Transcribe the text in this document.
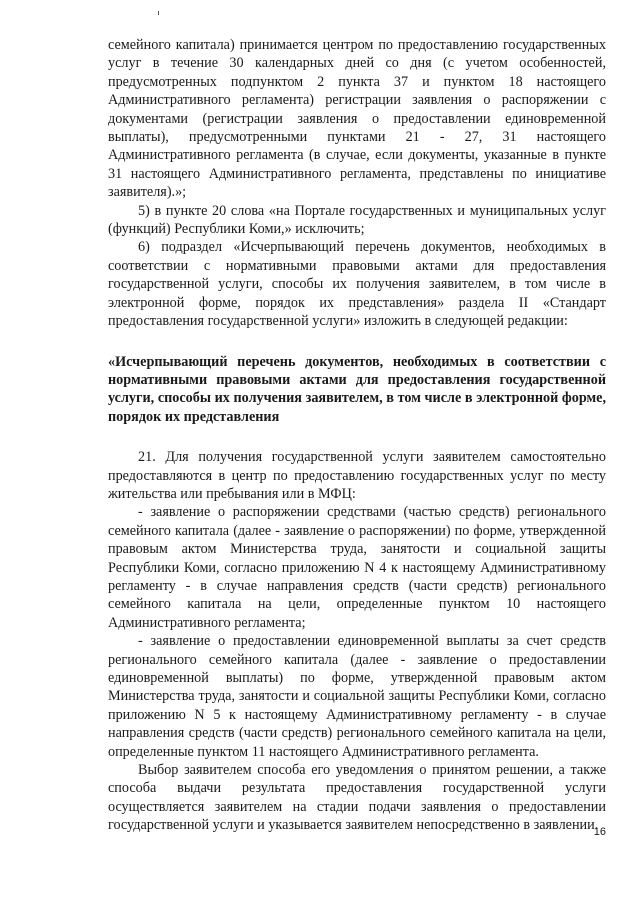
семейного капитала) принимается центром по предоставлению государственных услуг в течение 30 календарных дней со дня (с учетом особенностей, предусмотренных подпунктом 2 пункта 37 и пунктом 18 настоящего Административного регламента) регистрации заявления о распоряжении с документами (регистрации заявления о предоставлении единовременной выплаты), предусмотренными пунктами 21 - 27, 31 настоящего Административного регламента (в случае, если документы, указанные в пункте 31 настоящего Административного регламента, представлены по инициативе заявителя).»;

5) в пункте 20 слова «на Портале государственных и муниципальных услуг (функций) Республики Коми,» исключить;

6) подраздел «Исчерпывающий перечень документов, необходимых в соответствии с нормативными правовыми актами для предоставления государственной услуги, способы их получения заявителем, в том числе в электронной форме, порядок их представления» раздела II «Стандарт предоставления государственной услуги» изложить в следующей редакции:

«Исчерпывающий перечень документов, необходимых в соответствии с нормативными правовыми актами для предоставления государственной услуги, способы их получения заявителем, в том числе в электронной форме, порядок их представления

21. Для получения государственной услуги заявителем самостоятельно предоставляются в центр по предоставлению государственных услуг по месту жительства или пребывания или в МФЦ:

- заявление о распоряжении средствами (частью средств) регионального семейного капитала (далее - заявление о распоряжении) по форме, утвержденной правовым актом Министерства труда, занятости и социальной защиты Республики Коми, согласно приложению N 4 к настоящему Административному регламенту - в случае направления средств (части средств) регионального семейного капитала на цели, определенные пунктом 10 настоящего Административного регламента;

- заявление о предоставлении единовременной выплаты за счет средств регионального семейного капитала (далее - заявление о предоставлении единовременной выплаты) по форме, утвержденной правовым актом Министерства труда, занятости и социальной защиты Республики Коми, согласно приложению N 5 к настоящему Административному регламенту - в случае направления средств (части средств) регионального семейного капитала на цели, определенные пунктом 11 настоящего Административного регламента.

Выбор заявителем способа его уведомления о принятом решении, а также способа выдачи результата предоставления государственной услуги осуществляется заявителем на стадии подачи заявления о предоставлении государственной услуги и указывается заявителем непосредственно в заявлении.

16
